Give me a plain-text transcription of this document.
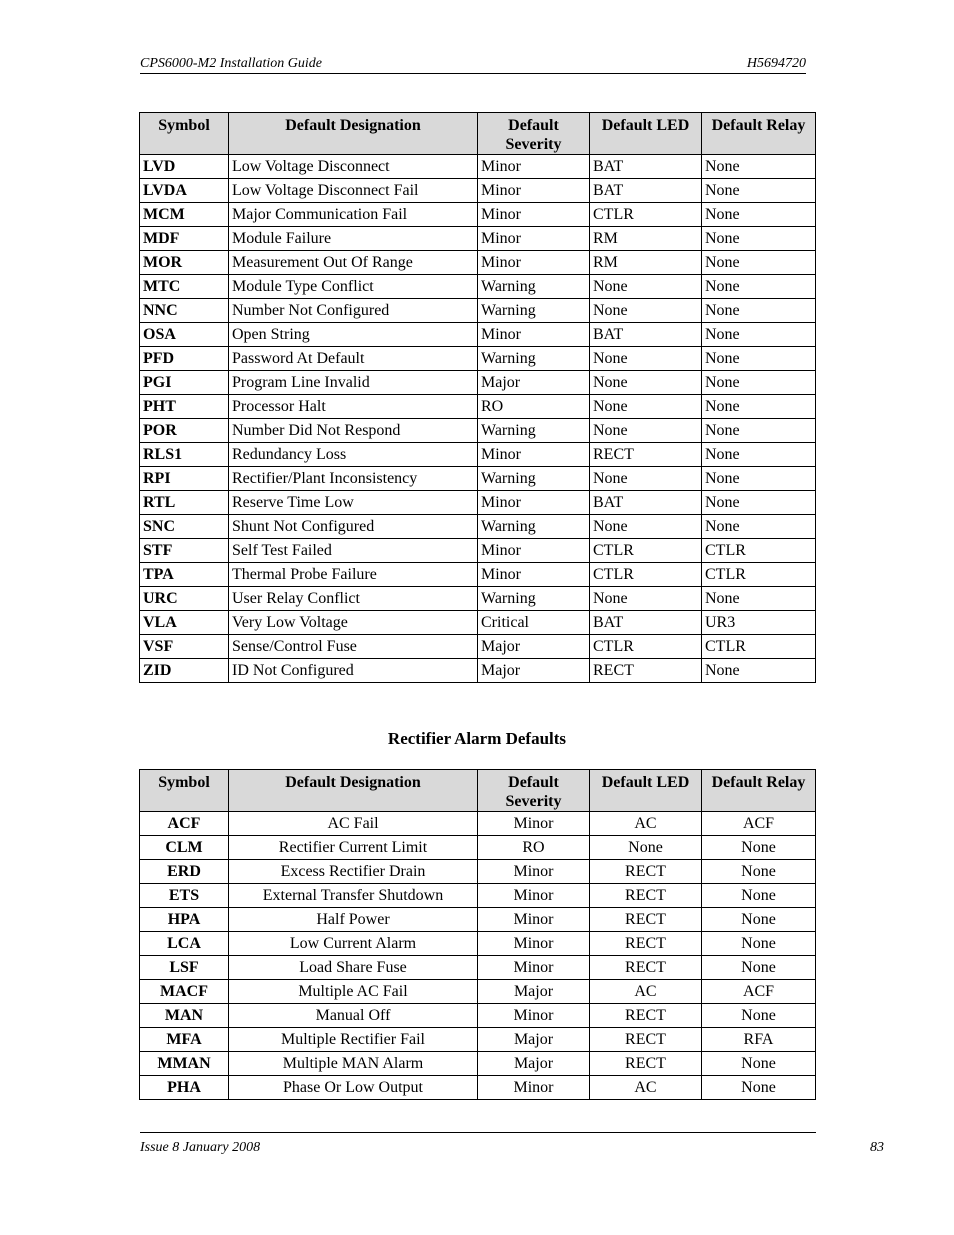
CPS6000-M2 Installation Guide	H5694720
Symbol	Default Designation	Default Severity	Default LED	Default Relay
LVD	Low Voltage Disconnect	Minor	BAT	None
LVDA	Low Voltage Disconnect Fail	Minor	BAT	None
MCM	Major Communication Fail	Minor	CTLR	None
MDF	Module Failure	Minor	RM	None
MOR	Measurement Out Of Range	Minor	RM	None
MTC	Module Type Conflict	Warning	None	None
NNC	Number Not Configured	Warning	None	None
OSA	Open String	Minor	BAT	None
PFD	Password At Default	Warning	None	None
PGI	Program Line Invalid	Major	None	None
PHT	Processor Halt	RO	None	None
POR	Number Did Not Respond	Warning	None	None
RLS1	Redundancy Loss	Minor	RECT	None
RPI	Rectifier/Plant Inconsistency	Warning	None	None
RTL	Reserve Time Low	Minor	BAT	None
SNC	Shunt Not Configured	Warning	None	None
STF	Self Test Failed	Minor	CTLR	CTLR
TPA	Thermal Probe Failure	Minor	CTLR	CTLR
URC	User Relay Conflict	Warning	None	None
VLA	Very Low Voltage	Critical	BAT	UR3
VSF	Sense/Control Fuse	Major	CTLR	CTLR
ZID	ID Not Configured	Major	RECT	None
Rectifier Alarm Defaults
Symbol	Default Designation	Default Severity	Default LED	Default Relay
ACF	AC Fail	Minor	AC	ACF
CLM	Rectifier Current Limit	RO	None	None
ERD	Excess Rectifier Drain	Minor	RECT	None
ETS	External Transfer Shutdown	Minor	RECT	None
HPA	Half Power	Minor	RECT	None
LCA	Low Current Alarm	Minor	RECT	None
LSF	Load Share Fuse	Minor	RECT	None
MACF	Multiple AC Fail	Major	AC	ACF
MAN	Manual Off	Minor	RECT	None
MFA	Multiple Rectifier Fail	Major	RECT	RFA
MMAN	Multiple MAN Alarm	Major	RECT	None
PHA	Phase Or Low Output	Minor	AC	None
Issue 8 January 2008	83
